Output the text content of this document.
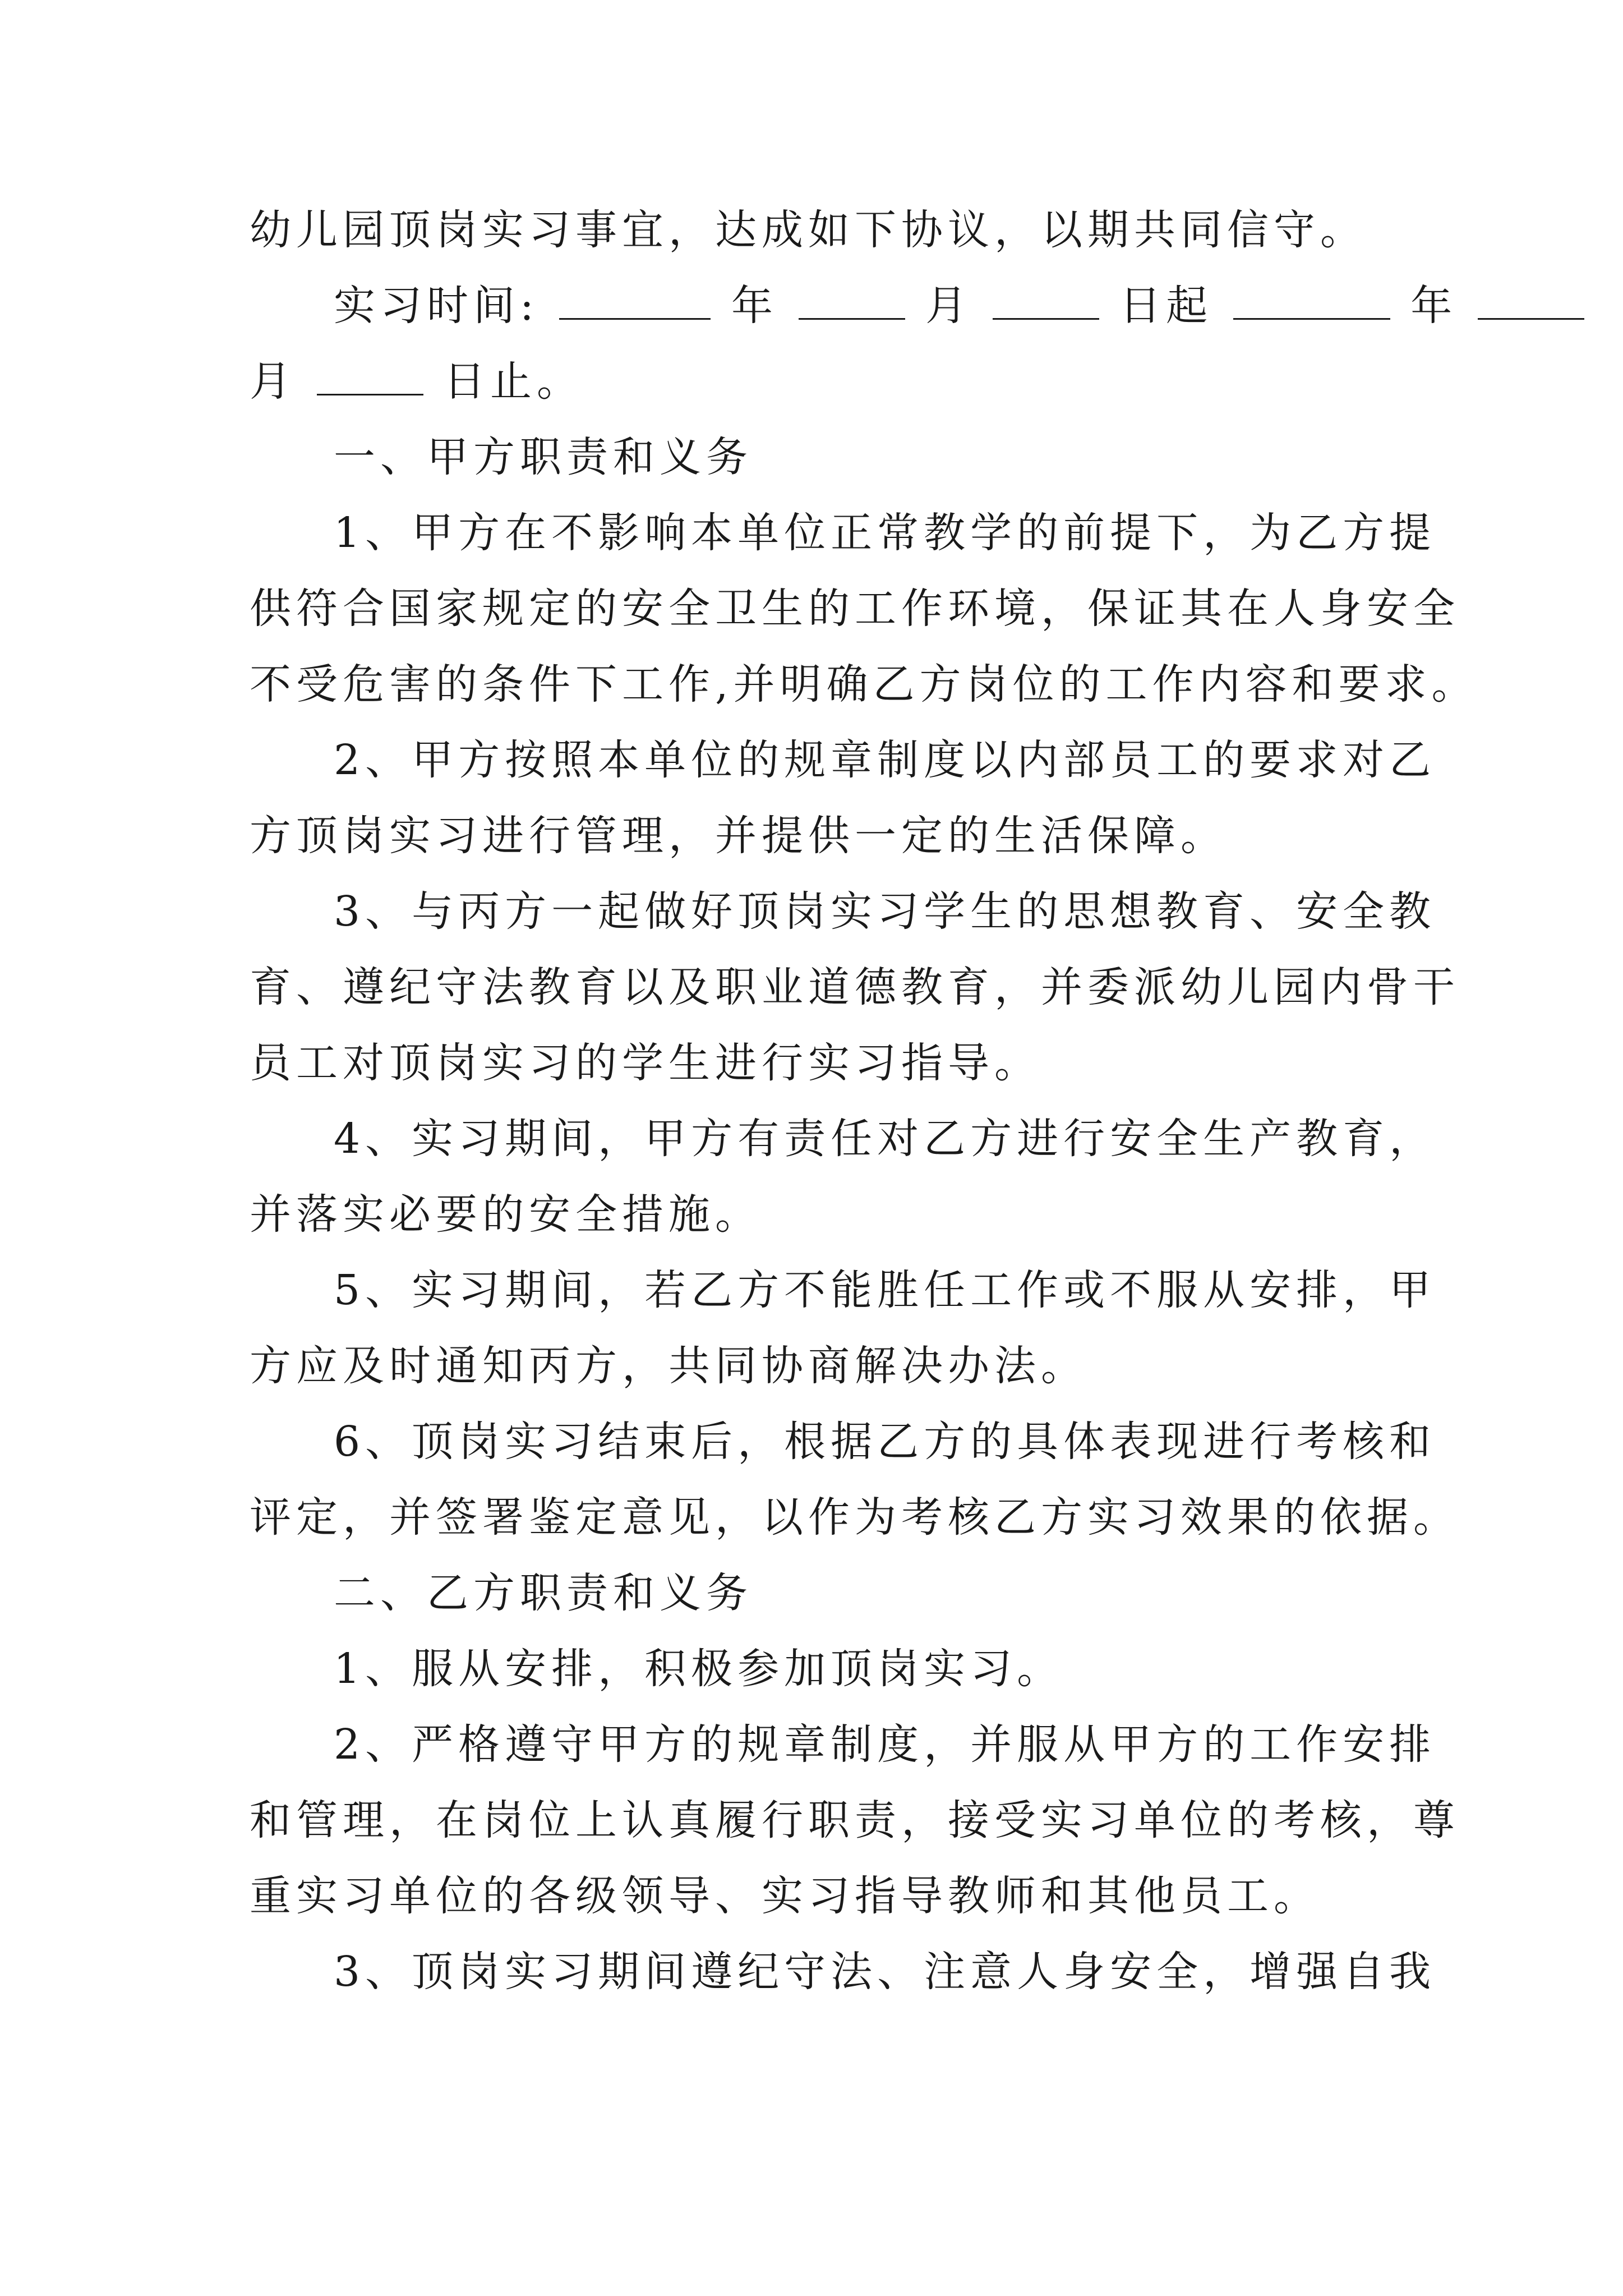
幼儿园顶岗实习事宜，达成如下协议，以期共同信守。
实习时间:	年	月	日起	年
月	日止。
一、甲方职责和义务
1、甲方在不影响本单位正常教学的前提下，为乙方提
供符合国家规定的安全卫生的工作环境，保证其在人身安全
不受危害的条件下工作,并明确乙方岗位的工作内容和要求。
2、甲方按照本单位的规章制度以内部员工的要求对乙
方顶岗实习进行管理，并提供一定的生活保障。
3、与丙方一起做好顶岗实习学生的思想教育、安全教
育、遵纪守法教育以及职业道德教育，并委派幼儿园内骨干
员工对顶岗实习的学生进行实习指导。
4、实习期间，甲方有责任对乙方进行安全生产教育，
并落实必要的安全措施。
5、实习期间，若乙方不能胜任工作或不服从安排，甲
方应及时通知丙方，共同协商解决办法。
6、顶岗实习结束后，根据乙方的具体表现进行考核和
评定，并签署鉴定意见，以作为考核乙方实习效果的依据。
二、乙方职责和义务
1、服从安排，积极参加顶岗实习。
2、严格遵守甲方的规章制度，并服从甲方的工作安排
和管理，在岗位上认真履行职责，接受实习单位的考核，尊
重实习单位的各级领导、实习指导教师和其他员工。
3、顶岗实习期间遵纪守法、注意人身安全，增强自我
